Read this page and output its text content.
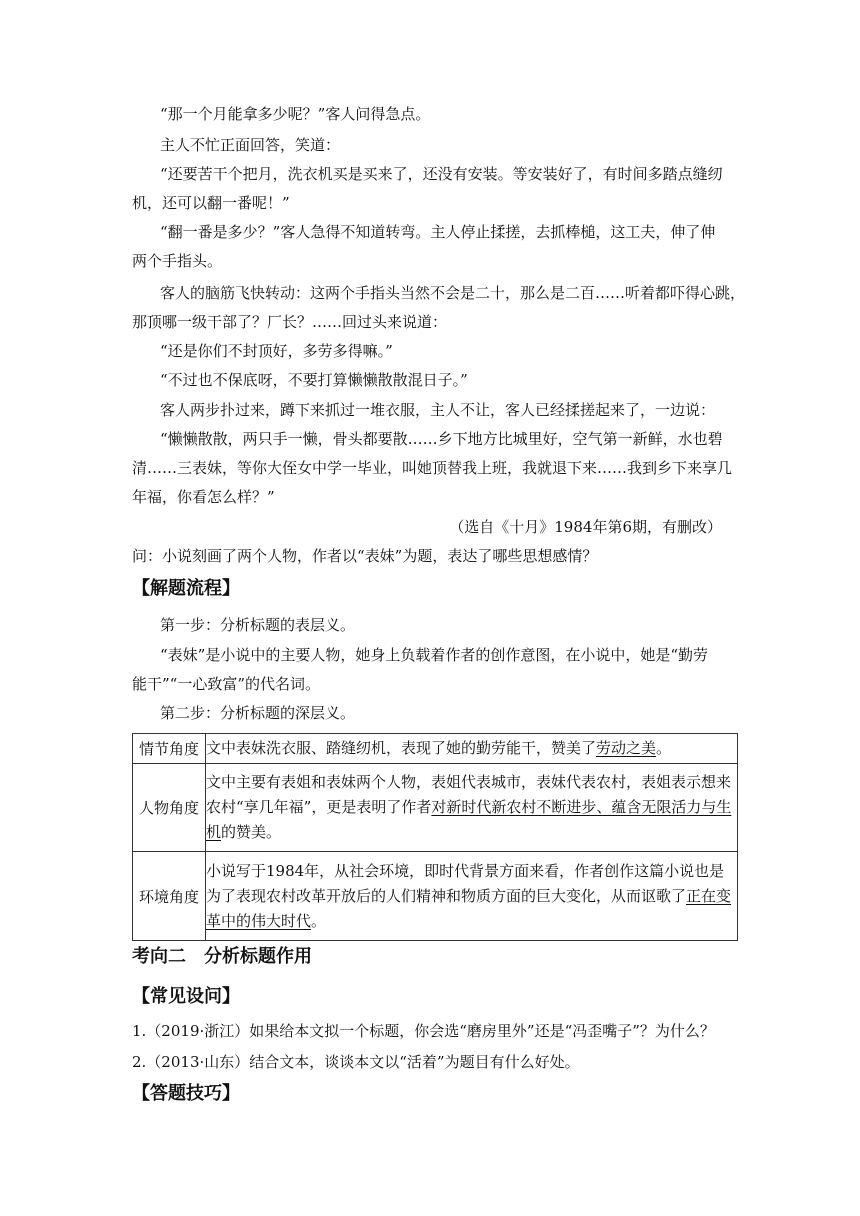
“那一个月能拿多少呢？”客人问得急点。
主人不忙正面回答，笑道：
“还要苦干个把月，洗衣机买是买来了，还没有安装。等安装好了，有时间多踏点缝纫
机，还可以翻一番呢！”
“翻一番是多少？”客人急得不知道转弯。主人停止揉搓，去抓棒槌，这工夫，伸了伸
两个手指头。
客人的脑筋飞快转动：这两个手指头当然不会是二十，那么是二百……听着都吓得心跳，
那顶哪一级干部了？厂长？……回过头来说道：
“还是你们不封顶好，多劳多得嘛。”
“不过也不保底呀，不要打算懒懒散散混日子。”
客人两步扑过来，蹲下来抓过一堆衣服，主人不让，客人已经揉搓起来了，一边说：
“懒懒散散，两只手一懒，骨头都要散……乡下地方比城里好，空气第一新鲜，水也碧
清……三表妹，等你大侄女中学一毕业，叫她顶替我上班，我就退下来……我到乡下来享几
年福，你看怎么样？”
（选自《十月》1984年第6期，有删改）
问：小说刻画了两个人物，作者以“表妹”为题，表达了哪些思想感情？
【解题流程】
第一步：分析标题的表层义。
“表妹”是小说中的主要人物，她身上负载着作者的创作意图，在小说中，她是“勤劳
能干”“一心致富”的代名词。
第二步：分析标题的深层义。
情节角度	文中表妹洗衣服、踏缝纫机，表现了她的勤劳能干，赞美了劳动之美。
人物角度	文中主要有表姐和表妹两个人物，表姐代表城市，表妹代表农村，表姐表示想来农村“享几年福”，更是表明了作者对新时代新农村不断进步、蕴含无限活力与生机的赞美。
环境角度	小说写于1984年，从社会环境，即时代背景方面来看，作者创作这篇小说也是为了表现农村改革开放后的人们精神和物质方面的巨大变化，从而讴歌了正在变革中的伟大时代。
考向二　分析标题作用
【常见设问】
1.（2019·浙江）如果给本文拟一个标题，你会选“磨房里外”还是“冯歪嘴子”？为什么？
2.（2013·山东）结合文本，谈谈本文以“活着”为题目有什么好处。
【答题技巧】
